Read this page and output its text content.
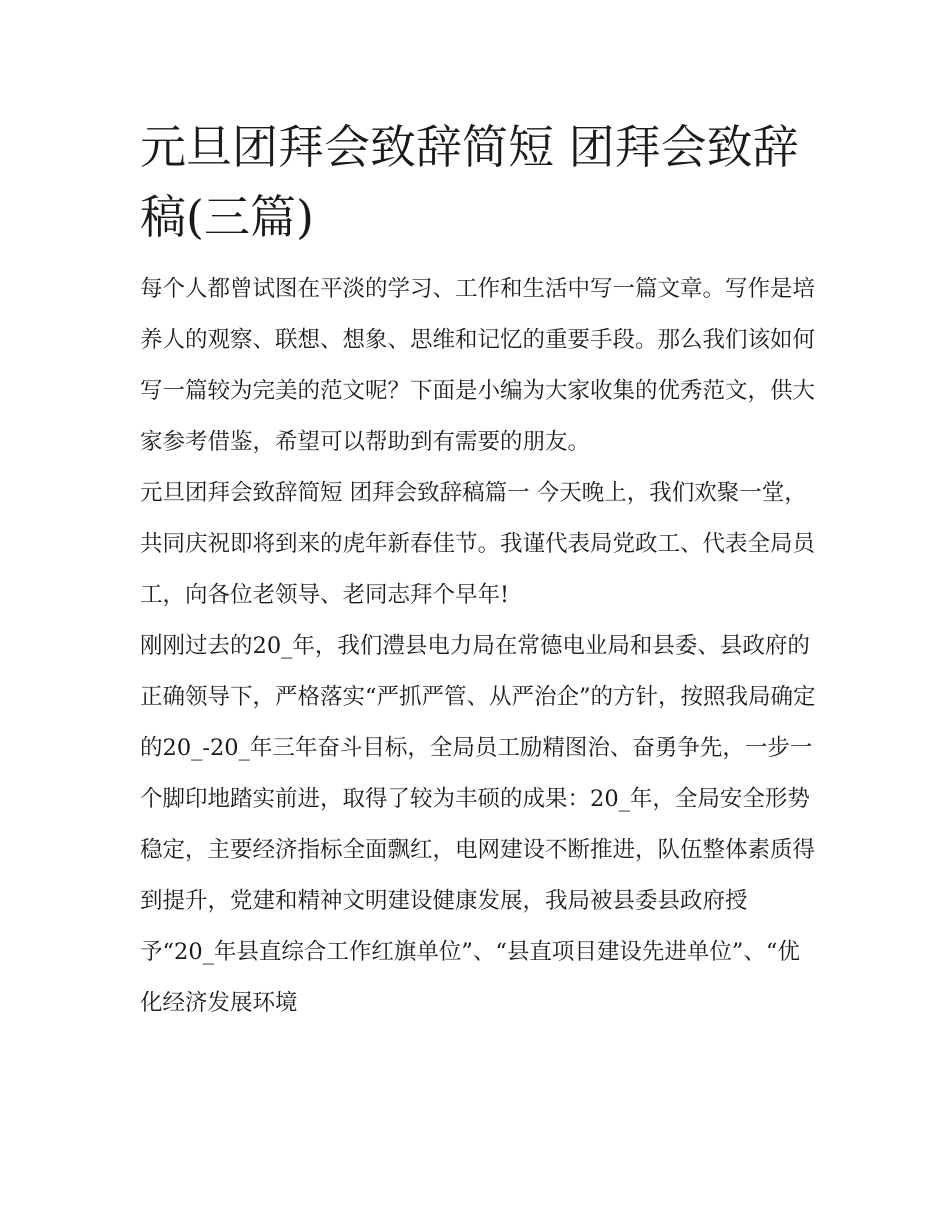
元旦团拜会致辞简短 团拜会致辞稿(三篇)

每个人都曾试图在平淡的学习、工作和生活中写一篇文章。写作是培养人的观察、联想、想象、思维和记忆的重要手段。那么我们该如何写一篇较为完美的范文呢？下面是小编为大家收集的优秀范文，供大家参考借鉴，希望可以帮助到有需要的朋友。

元旦团拜会致辞简短 团拜会致辞稿篇一 今天晚上，我们欢聚一堂，共同庆祝即将到来的虎年新春佳节。我谨代表局党政工、代表全局员工，向各位老领导、老同志拜个早年!

刚刚过去的20_年，我们澧县电力局在常德电业局和县委、县政府的正确领导下，严格落实“严抓严管、从严治企”的方针，按照我局确定的20_-20_年三年奋斗目标，全局员工励精图治、奋勇争先，一步一个脚印地踏实前进，取得了较为丰硕的成果：20_年，全局安全形势稳定，主要经济指标全面飘红，电网建设不断推进，队伍整体素质得到提升，党建和精神文明建设健康发展，我局被县委县政府授予“20_年县直综合工作红旗单位”、“县直项目建设先进单位”、“优化经济发展环境
